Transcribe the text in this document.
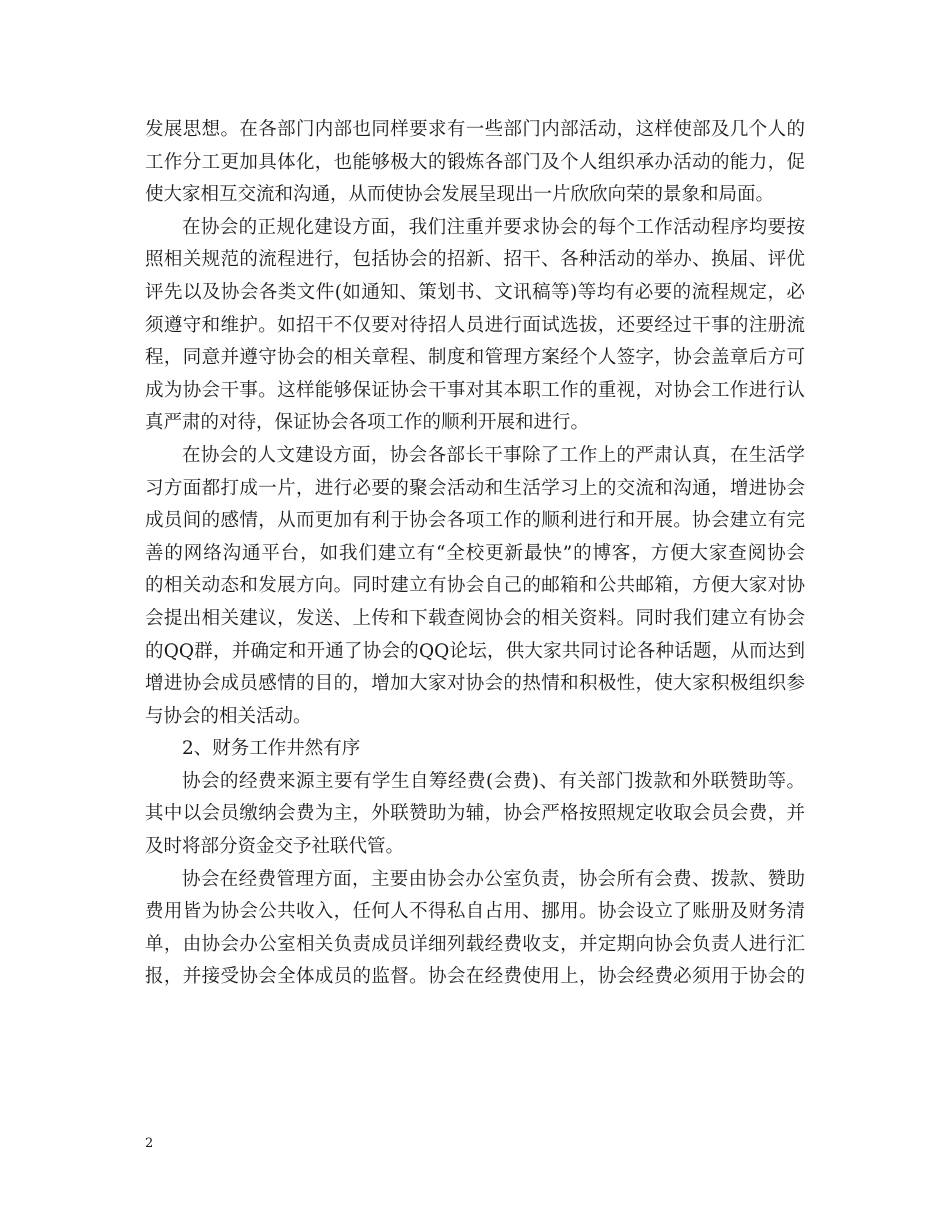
发展思想。在各部门内部也同样要求有一些部门内部活动，这样使部及几个人的
工作分工更加具体化，也能够极大的锻炼各部门及个人组织承办活动的能力，促
使大家相互交流和沟通，从而使协会发展呈现出一片欣欣向荣的景象和局面。
在协会的正规化建设方面，我们注重并要求协会的每个工作活动程序均要按
照相关规范的流程进行，包括协会的招新、招干、各种活动的举办、换届、评优
评先以及协会各类文件(如通知、策划书、文讯稿等)等均有必要的流程规定，必
须遵守和维护。如招干不仅要对待招人员进行面试选拔，还要经过干事的注册流
程，同意并遵守协会的相关章程、制度和管理方案经个人签字，协会盖章后方可
成为协会干事。这样能够保证协会干事对其本职工作的重视，对协会工作进行认
真严肃的对待，保证协会各项工作的顺利开展和进行。
在协会的人文建设方面，协会各部长干事除了工作上的严肃认真，在生活学
习方面都打成一片，进行必要的聚会活动和生活学习上的交流和沟通，增进协会
成员间的感情，从而更加有利于协会各项工作的顺利进行和开展。协会建立有完
善的网络沟通平台，如我们建立有“全校更新最快”的博客，方便大家查阅协会
的相关动态和发展方向。同时建立有协会自己的邮箱和公共邮箱，方便大家对协
会提出相关建议，发送、上传和下载查阅协会的相关资料。同时我们建立有协会
的QQ群，并确定和开通了协会的QQ论坛，供大家共同讨论各种话题，从而达到
增进协会成员感情的目的，增加大家对协会的热情和积极性，使大家积极组织参
与协会的相关活动。
2、财务工作井然有序
协会的经费来源主要有学生自筹经费(会费)、有关部门拨款和外联赞助等。
其中以会员缴纳会费为主，外联赞助为辅，协会严格按照规定收取会员会费，并
及时将部分资金交予社联代管。
协会在经费管理方面，主要由协会办公室负责，协会所有会费、拨款、赞助
费用皆为协会公共收入，任何人不得私自占用、挪用。协会设立了账册及财务清
单，由协会办公室相关负责成员详细列载经费收支，并定期向协会负责人进行汇
报，并接受协会全体成员的监督。协会在经费使用上，协会经费必须用于协会的
2
